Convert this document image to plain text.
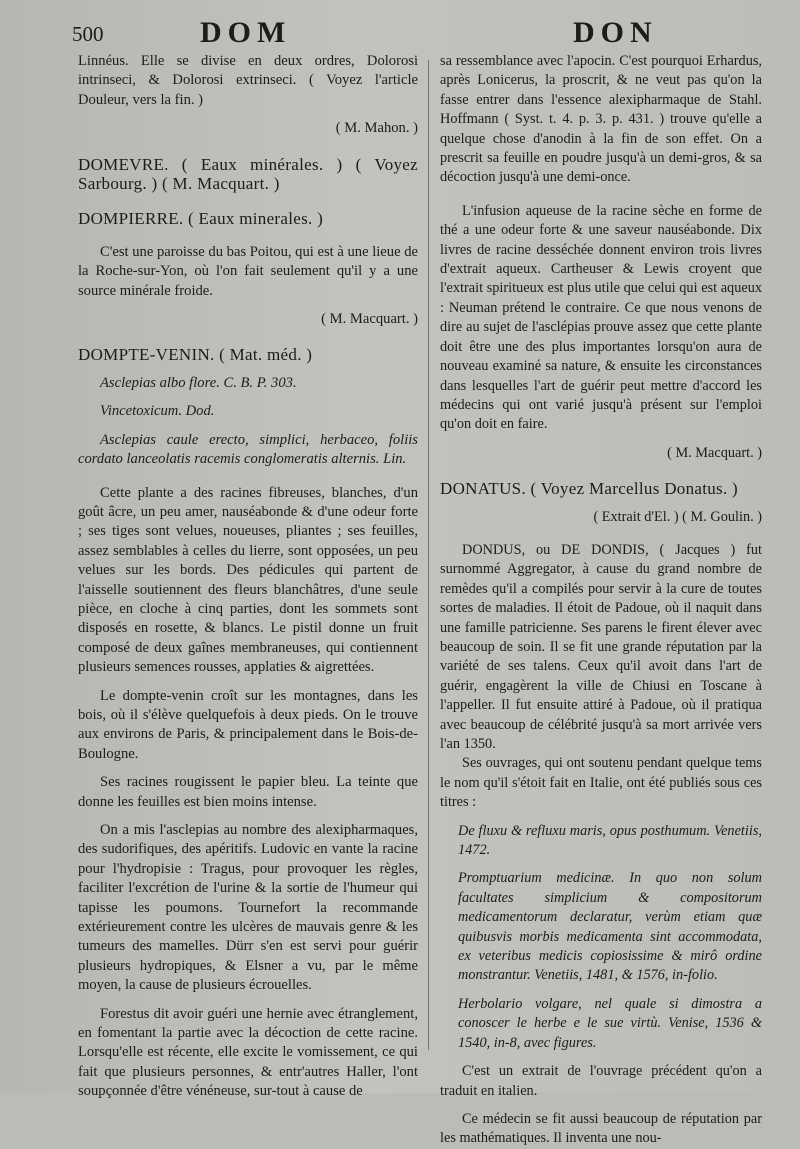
500	DOM	DON

Linnéus. Elle se divise en deux ordres, Dolorosi intrinseci, & Dolorosi extrinseci. ( Voyez l'article Douleur, vers la fin. )

( M. Mahon. )

DOMEVRE. ( Eaux minérales. ) ( Voyez Sarbourg. ) ( M. Macquart. )

DOMPIERRE. ( Eaux minerales. )

C'est une paroisse du bas Poitou, qui est à une lieue de la Roche-sur-Yon, où l'on fait seulement qu'il y a une source minérale froide.

( M. Macquart. )

DOMPTE-VENIN. ( Mat. méd. )

Asclepias albo flore. C. B. P. 303.

Vincetoxicum. Dod.

Asclepias caule erecto, simplici, herbaceo, foliis cordato lanceolatis racemis conglomeratis alternis. Lin.

Cette plante a des racines fibreuses, blanches, d'un goût âcre, un peu amer, nauséabonde & d'une odeur forte ; ses tiges sont velues, noueuses, pliantes ; ses feuilles, assez semblables à celles du lierre, sont opposées, un peu velues sur les bords. Des pédicules qui partent de l'aisselle soutiennent des fleurs blanchâtres, d'une seule pièce, en cloche à cinq parties, dont les sommets sont disposés en rosette, & blancs. Le pistil donne un fruit composé de deux gaînes membraneuses, qui contiennent plusieurs semences rousses, applaties & aigrettées.

Le dompte-venin croît sur les montagnes, dans les bois, où il s'élève quelquefois à deux pieds. On le trouve aux environs de Paris, & principalement dans le Bois-de-Boulogne.

Ses racines rougissent le papier bleu. La teinte que donne les feuilles est bien moins intense.

On a mis l'asclepias au nombre des alexipharmaques, des sudorifiques, des apéritifs. Ludovic en vante la racine pour l'hydropisie : Tragus, pour provoquer les règles, faciliter l'excrétion de l'urine & la sortie de l'humeur qui tapisse les poumons. Tournefort la recommande extérieurement contre les ulcères de mauvais genre & les tumeurs des mamelles. Dürr s'en est servi pour guérir plusieurs hydropiques, & Elsner a vu, par le même moyen, la cause de plusieurs écrouelles.

Forestus dit avoir guéri une hernie avec étranglement, en fomentant la partie avec la décoction de cette racine. Lorsqu'elle est récente, elle excite le vomissement, ce qui fait que plusieurs personnes, & entr'autres Haller, l'ont soupçonnée d'être vénéneuse, sur-tout à cause de

sa ressemblance avec l'apocin. C'est pourquoi Erhardus, après Lonicerus, la proscrit, & ne veut pas qu'on la fasse entrer dans l'essence alexipharmaque de Stahl. Hoffmann ( Syst. t. 4. p. 3. p. 431. ) trouve qu'elle a quelque chose d'anodin à la fin de son effet. On a prescrit sa feuille en poudre jusqu'à un demi-gros, & sa décoction jusqu'à une demi-once.

L'infusion aqueuse de la racine sèche en forme de thé a une odeur forte & une saveur nauséabonde. Dix livres de racine desséchée donnent environ trois livres d'extrait aqueux. Cartheuser & Lewis croyent que l'extrait spiritueux est plus utile que celui qui est aqueux : Neuman prétend le contraire. Ce que nous venons de dire au sujet de l'asclépias prouve assez que cette plante doit être une des plus importantes lorsqu'on aura de nouveau examiné sa nature, & ensuite les circonstances dans lesquelles l'art de guérir peut mettre d'accord les médecins qui ont varié jusqu'à présent sur l'emploi qu'on doit en faire.

( M. Macquart. )

DONATUS. ( Voyez Marcellus Donatus. )

( Extrait d'El. ) ( M. Goulin. )

DONDUS, ou DE DONDIS, ( Jacques ) fut surnommé Aggregator, à cause du grand nombre de remèdes qu'il a compilés pour servir à la cure de toutes sortes de maladies. Il étoit de Padoue, où il naquit dans une famille patricienne. Ses parens le firent élever avec beaucoup de soin. Il se fit une grande réputation par la variété de ses talens. Ceux qu'il avoit dans l'art de guérir, engagèrent la ville de Chiusi en Toscane à l'appeller. Il fut ensuite attiré à Padoue, où il pratiqua avec beaucoup de célébrité jusqu'à sa mort arrivée vers l'an 1350.

Ses ouvrages, qui ont soutenu pendant quelque tems le nom qu'il s'étoit fait en Italie, ont été publiés sous ces titres :

De fluxu & refluxu maris, opus posthumum. Venetiis, 1472.

Promptuarium medicinæ. In quo non solum facultates simplicium & compositorum medicamentorum declaratur, verùm etiam quæ quibusvis morbis medicamenta sint accommodata, ex veteribus medicis copiosissime & mirô ordine monstrantur. Venetiis, 1481, & 1576, in-folio.

Herbolario volgare, nel quale si dimostra a conoscer le herbe e le sue virtù. Venise, 1536 & 1540, in-8, avec figures.

C'est un extrait de l'ouvrage précédent qu'on a traduit en italien.

Ce médecin se fit aussi beaucoup de réputation par les mathématiques. Il inventa une nou-
